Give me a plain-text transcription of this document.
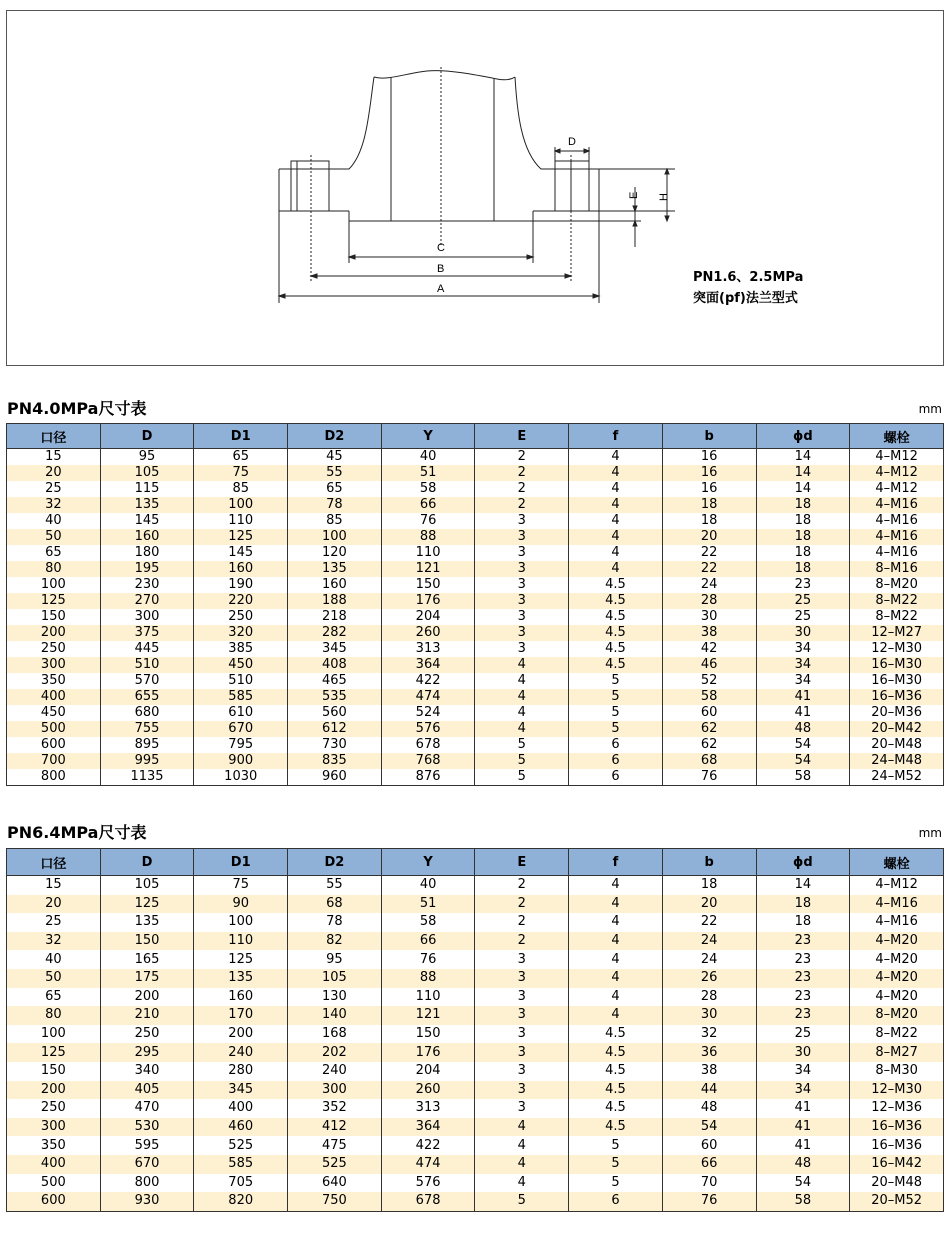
C
B
A
D
E H
PN1.6、2.5MPa
突面(pf)法兰型式
PN4.0MPa尺寸表	mm
口径	D	D1	D2	Y	E	f	b	ϕd	螺栓
15	95	65	45	40	2	4	16	14	4–M12
20	105	75	55	51	2	4	16	14	4–M12
25	115	85	65	58	2	4	16	14	4–M12
32	135	100	78	66	2	4	18	18	4–M16
40	145	110	85	76	3	4	18	18	4–M16
50	160	125	100	88	3	4	20	18	4–M16
65	180	145	120	110	3	4	22	18	4–M16
80	195	160	135	121	3	4	22	18	8–M16
100	230	190	160	150	3	4.5	24	23	8–M20
125	270	220	188	176	3	4.5	28	25	8–M22
150	300	250	218	204	3	4.5	30	25	8–M22
200	375	320	282	260	3	4.5	38	30	12–M27
250	445	385	345	313	3	4.5	42	34	12–M30
300	510	450	408	364	4	4.5	46	34	16–M30
350	570	510	465	422	4	5	52	34	16–M30
400	655	585	535	474	4	5	58	41	16–M36
450	680	610	560	524	4	5	60	41	20–M36
500	755	670	612	576	4	5	62	48	20–M42
600	895	795	730	678	5	6	62	54	20–M48
700	995	900	835	768	5	6	68	54	24–M48
800	1135	1030	960	876	5	6	76	58	24–M52
PN6.4MPa尺寸表	mm
口径	D	D1	D2	Y	E	f	b	ϕd	螺栓
15	105	75	55	40	2	4	18	14	4–M12
20	125	90	68	51	2	4	20	18	4–M16
25	135	100	78	58	2	4	22	18	4–M16
32	150	110	82	66	2	4	24	23	4–M20
40	165	125	95	76	3	4	24	23	4–M20
50	175	135	105	88	3	4	26	23	4–M20
65	200	160	130	110	3	4	28	23	4–M20
80	210	170	140	121	3	4	30	23	8–M20
100	250	200	168	150	3	4.5	32	25	8–M22
125	295	240	202	176	3	4.5	36	30	8–M27
150	340	280	240	204	3	4.5	38	34	8–M30
200	405	345	300	260	3	4.5	44	34	12–M30
250	470	400	352	313	3	4.5	48	41	12–M36
300	530	460	412	364	4	4.5	54	41	16–M36
350	595	525	475	422	4	5	60	41	16–M36
400	670	585	525	474	4	5	66	48	16–M42
500	800	705	640	576	4	5	70	54	20–M48
600	930	820	750	678	5	6	76	58	20–M52
